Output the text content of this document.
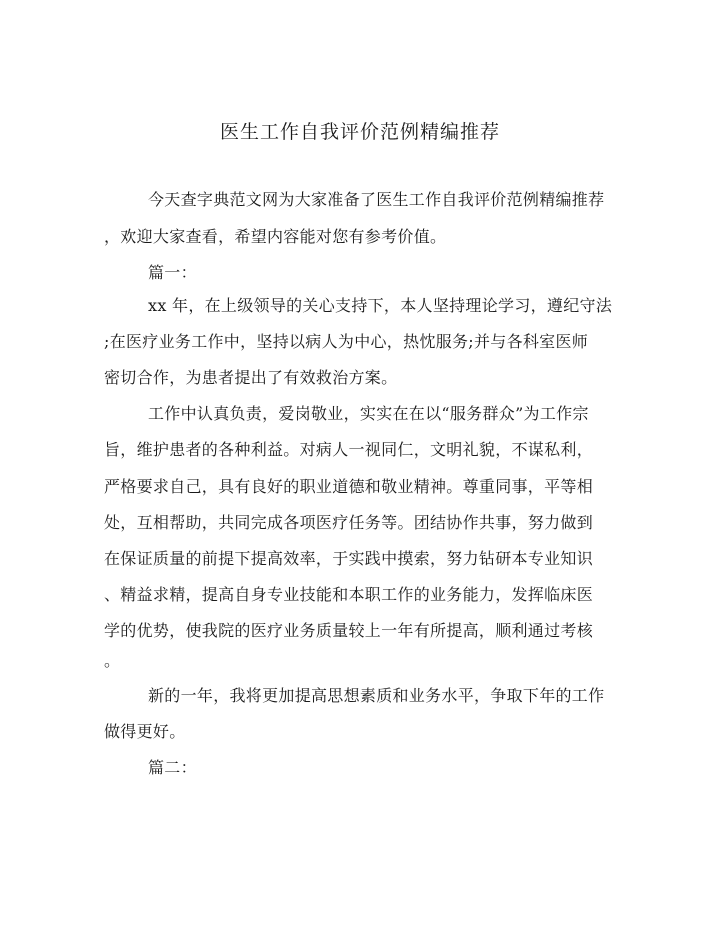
医生工作自我评价范例精编推荐
今天查字典范文网为大家准备了医生工作自我评价范例精编推荐
，欢迎大家查看，希望内容能对您有参考价值。
篇一：
xx 年，在上级领导的关心支持下，本人坚持理论学习，遵纪守法
;在医疗业务工作中，坚持以病人为中心，热忱服务;并与各科室医师
密切合作，为患者提出了有效救治方案。
工作中认真负责，爱岗敬业，实实在在以“服务群众”为工作宗
旨，维护患者的各种利益。对病人一视同仁，文明礼貌，不谋私利，
严格要求自己，具有良好的职业道德和敬业精神。尊重同事，平等相
处，互相帮助，共同完成各项医疗任务等。团结协作共事，努力做到
在保证质量的前提下提高效率，于实践中摸索，努力钻研本专业知识
、精益求精，提高自身专业技能和本职工作的业务能力，发挥临床医
学的优势，使我院的医疗业务质量较上一年有所提高，顺利通过考核
。
新的一年，我将更加提高思想素质和业务水平，争取下年的工作
做得更好。
篇二：
